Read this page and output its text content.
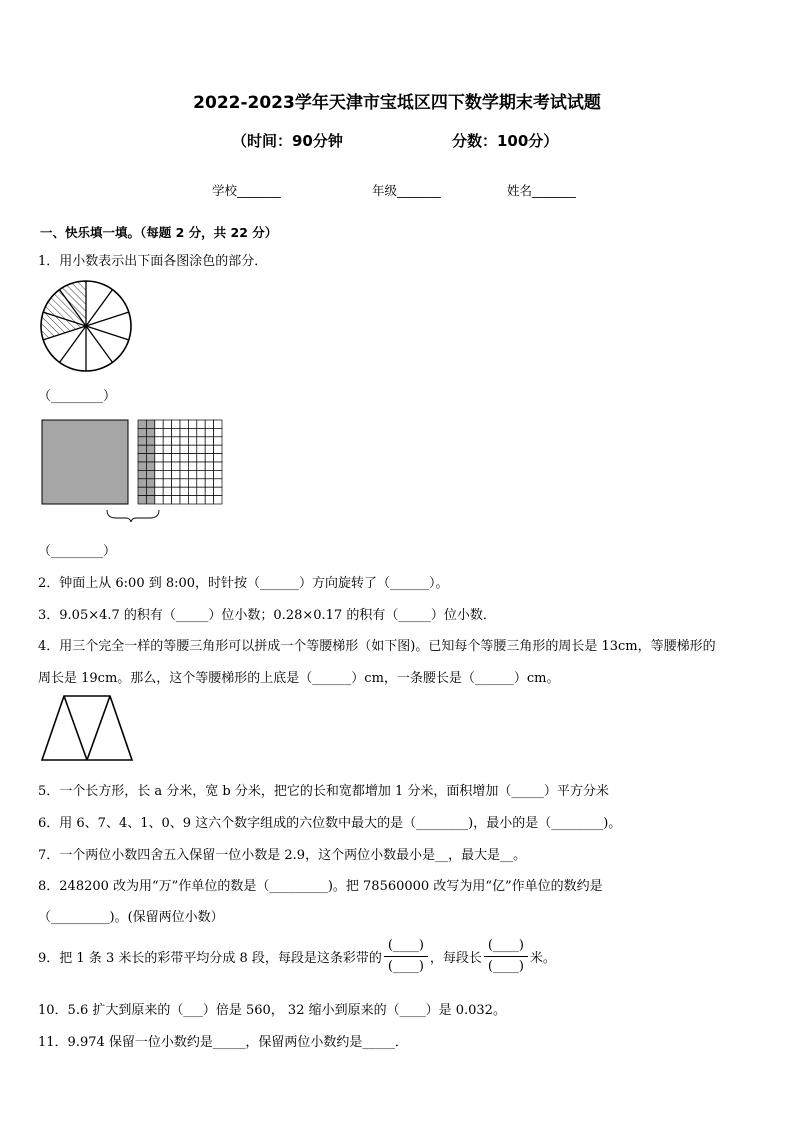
2022-2023学年天津市宝坻区四下数学期末考试试题
（时间：90分钟	分数：100分）
学校_______	年级_______	姓名_______
一、快乐填一填。（每题 2 分，共 22 分）
1．用小数表示出下面各图涂色的部分．
（________）
（________）
2．钟面上从 6:00 到 8:00，时针按（______）方向旋转了（______）。
3．9.05×4.7 的积有（_____）位小数；0.28×0.17 的积有（_____）位小数．
4．用三个完全一样的等腰三角形可以拼成一个等腰梯形（如下图)。已知每个等腰三角形的周长是 13cm，等腰梯形的
周长是 19cm。那么，这个等腰梯形的上底是（______）cm，一条腰长是（______）cm。
5．一个长方形，长 a 分米，宽 b 分米，把它的长和宽都增加 1 分米，面积增加（_____）平方分米
6．用 6、7、4、1、0、9 这六个数字组成的六位数中最大的是（________)，最小的是（________)。
7．一个两位小数四舍五入保留一位小数是 2.9，这个两位小数最小是__，最大是__。
8．248200 改为用“万”作单位的数是（_________)。把 78560000 改写为用“亿”作单位的数约是
（_________)。(保留两位小数）
9．把 1 条 3 米长的彩带平均分成 8 段，每段是这条彩带的 $\frac{(\_\_\_\_)}{(\_\_\_\_)}$ ，每段长 $\frac{(\_\_\_\_)}{(\_\_\_\_)}$ 米。
10．5.6 扩大到原来的（___）倍是 560， 32 缩小到原来的（____）是 0.032。
11．9.974 保留一位小数约是_____，保留两位小数约是_____．
